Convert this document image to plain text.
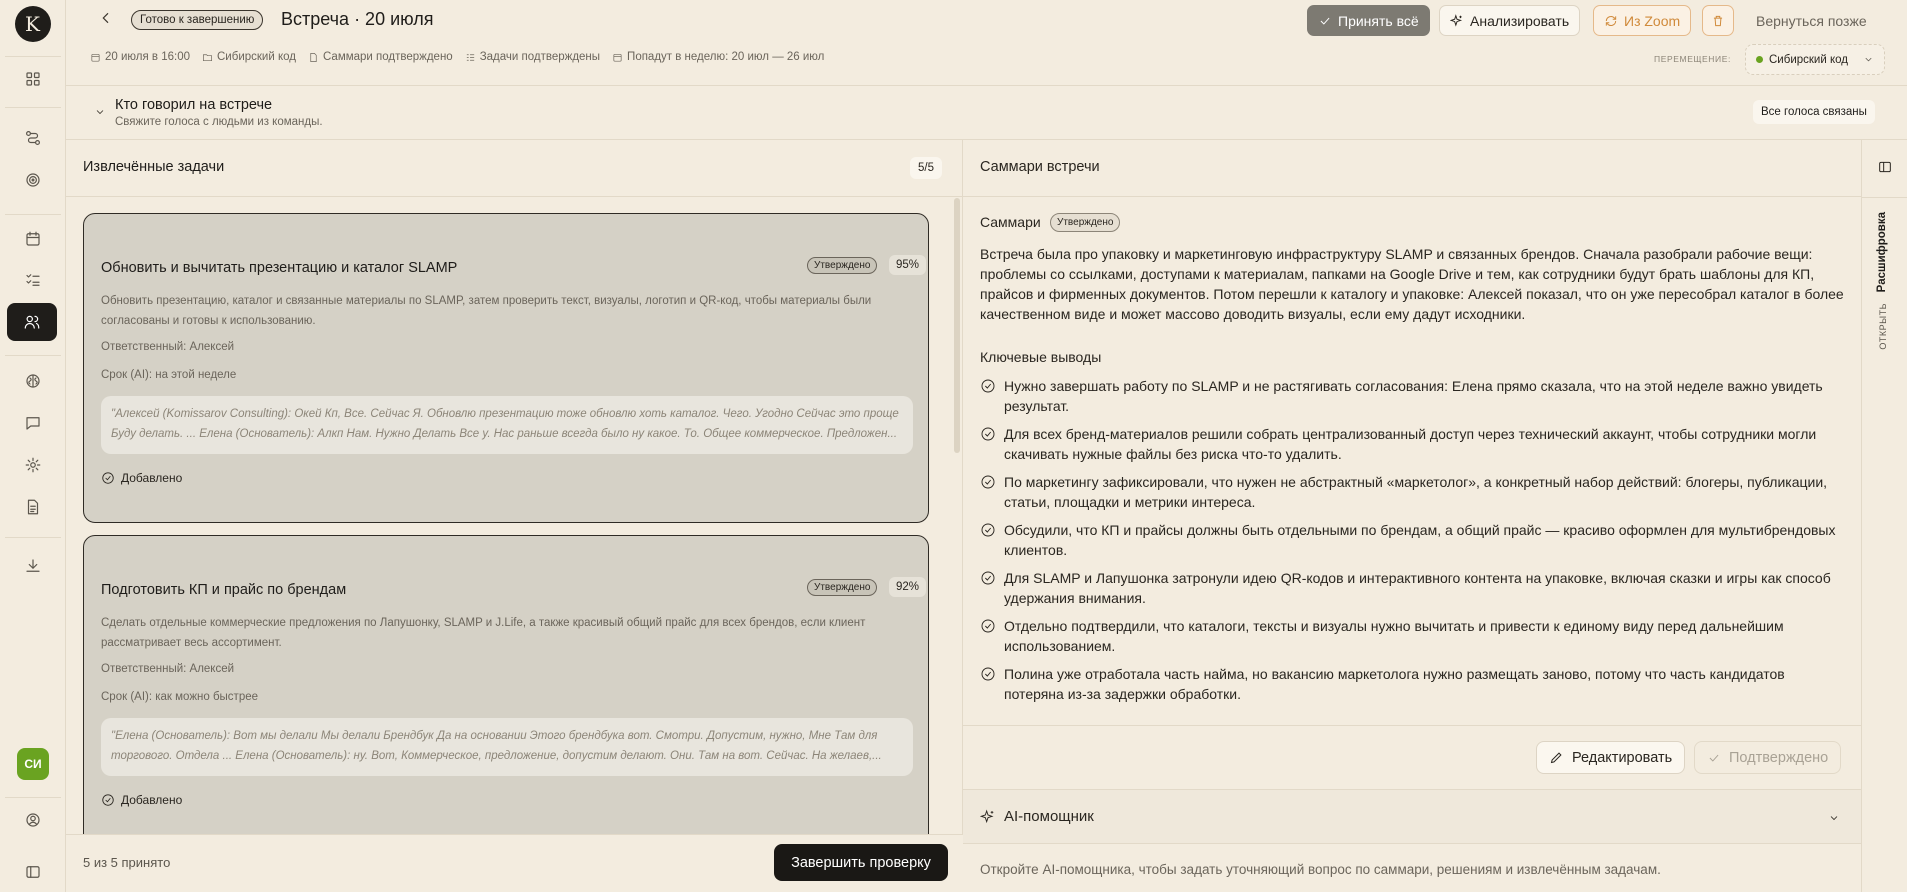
K
СИ
Готово к завершению	Встреча · 20 июля
20 июля в 16:00 Сибирский код Саммари подтверждено Задачи подтверждены Попадут в неделю: 20 июл — 26 июл
Принять всё	Анализировать	Из Zoom	Вернуться позже
ПЕРЕМЕЩЕНИЕ:	Сибирский код
Кто говорил на встрече
Свяжите голоса с людьми из команды.
Все голоса связаны
Извлечённые задачи	5/5
Обновить и вычитать презентацию и каталог SLAMP	Утверждено	95%
Обновить презентацию, каталог и связанные материалы по SLAMP, затем проверить текст, визуалы, логотип и QR-код, чтобы материалы были согласованы и готовы к использованию.
Ответственный: Алексей
Срок (AI): на этой неделе
"Алексей (Komissarov Consulting): Окей Кп, Все. Сейчас Я. Обновлю презентацию тоже обновлю хоть каталог. Чего. Угодно Сейчас это проще Буду делать. ... Елена (Основатель): Алкп Нам. Нужно Делать Все у. Нас раньше всегда было ну какое. То. Общее коммерческое. Предложен...
Добавлено
Подготовить КП и прайс по брендам	Утверждено	92%
Сделать отдельные коммерческие предложения по Лапушонку, SLAMP и J.Life, а также красивый общий прайс для всех брендов, если клиент рассматривает весь ассортимент.
Ответственный: Алексей
Срок (AI): как можно быстрее
"Елена (Основатель): Вот мы делали Мы делали Брендбук Да на основании Этого брендбука вот. Смотри. Допустим, нужно, Мне Там для торгового. Отдела ... Елена (Основатель): ну. Вот, Коммерческое, предложение, допустим делают. Они. Там на вот. Сейчас. На желаев,...
Добавлено
5 из 5 принято	Завершить проверку
Саммари встречи
Саммари	Утверждено
Встреча была про упаковку и маркетинговую инфраструктуру SLAMP и связанных брендов. Сначала разобрали рабочие вещи: проблемы со ссылками, доступами к материалам, папками на Google Drive и тем, как сотрудники будут брать шаблоны для КП, прайсов и фирменных документов. Потом перешли к каталогу и упаковке: Алексей показал, что он уже пересобрал каталог в более качественном виде и может массово доводить визуалы, если ему дадут исходники.
Ключевые выводы
Нужно завершать работу по SLAMP и не растягивать согласования: Елена прямо сказала, что на этой неделе важно увидеть результат.
Для всех бренд-материалов решили собрать централизованный доступ через технический аккаунт, чтобы сотрудники могли скачивать нужные файлы без риска что-то удалить.
По маркетингу зафиксировали, что нужен не абстрактный «маркетолог», а конкретный набор действий: блогеры, публикации, статьи, площадки и метрики интереса.
Обсудили, что КП и прайсы должны быть отдельными по брендам, а общий прайс — красиво оформлен для мультибрендовых клиентов.
Для SLAMP и Лапушонка затронули идею QR-кодов и интерактивного контента на упаковке, включая сказки и игры как способ удержания внимания.
Отдельно подтвердили, что каталоги, тексты и визуалы нужно вычитать и привести к единому виду перед дальнейшим использованием.
Полина уже отработала часть найма, но вакансию маркетолога нужно размещать заново, потому что часть кандидатов потеряна из-за задержки обработки.
Редактировать	Подтверждено
AI-помощник
Откройте AI-помощника, чтобы задать уточняющий вопрос по саммари, решениям и извлечённым задачам.
Расшифровка
ОТКРЫТЬ
